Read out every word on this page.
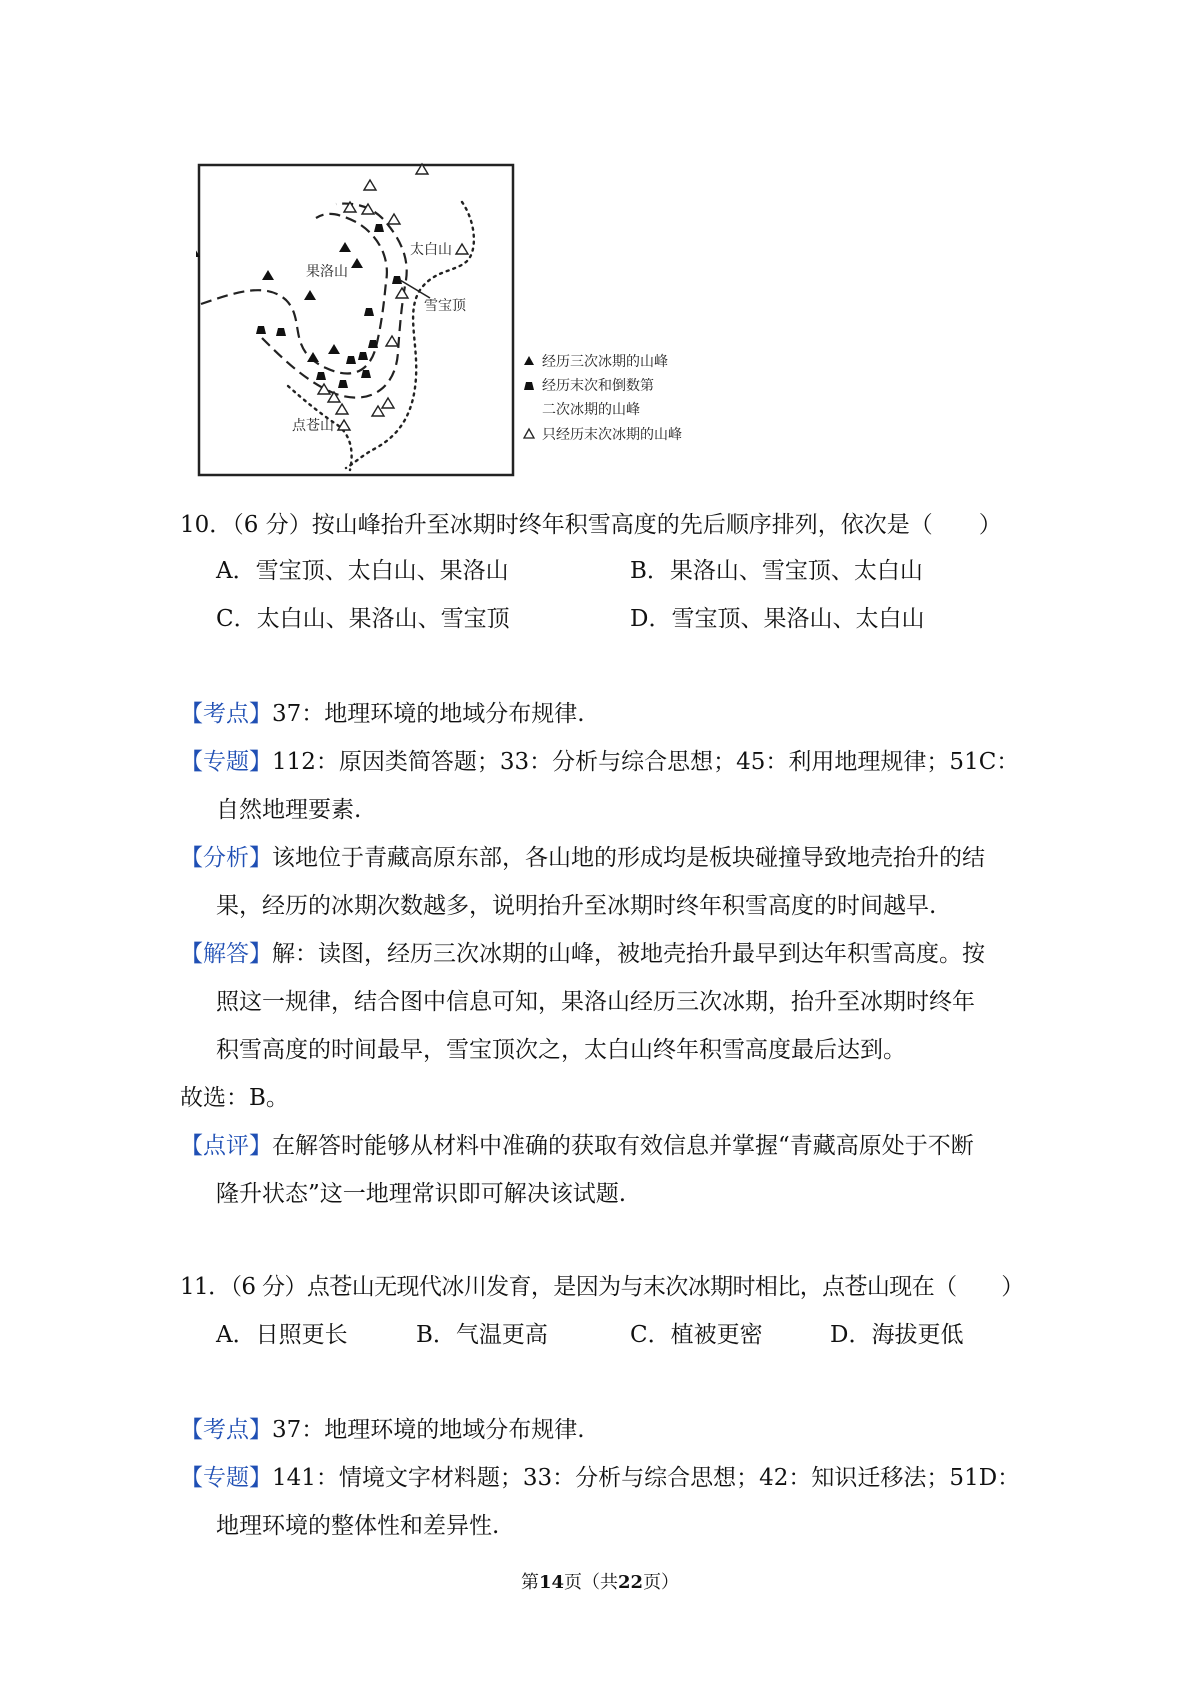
太白山
果洛山
雪宝顶
点苍山
经历三次冰期的山峰
经历末次和倒数第
二次冰期的山峰
只经历末次冰期的山峰
10．（6 分）按山峰抬升至冰期时终年积雪高度的先后顺序排列，依次是（　　）
A．雪宝顶、太白山、果洛山	B．果洛山、雪宝顶、太白山
C．太白山、果洛山、雪宝顶	D．雪宝顶、果洛山、太白山
【考点】37：地理环境的地域分布规律.
【专题】112：原因类简答题；33：分析与综合思想；45：利用地理规律；51C：
自然地理要素.
【分析】该地位于青藏高原东部，各山地的形成均是板块碰撞导致地壳抬升的结
果，经历的冰期次数越多，说明抬升至冰期时终年积雪高度的时间越早.
【解答】解：读图，经历三次冰期的山峰，被地壳抬升最早到达年积雪高度。按
照这一规律，结合图中信息可知，果洛山经历三次冰期，抬升至冰期时终年
积雪高度的时间最早，雪宝顶次之，太白山终年积雪高度最后达到。
故选：B。
【点评】在解答时能够从材料中准确的获取有效信息并掌握“青藏高原处于不断
隆升状态”这一地理常识即可解决该试题.
11．（6 分）点苍山无现代冰川发育，是因为与末次冰期时相比，点苍山现在（　　）
A．日照更长	B．气温更高	C．植被更密	D．海拔更低
【考点】37：地理环境的地域分布规律.
【专题】141：情境文字材料题；33：分析与综合思想；42：知识迁移法；51D：
地理环境的整体性和差异性.
第14页（共22页）
